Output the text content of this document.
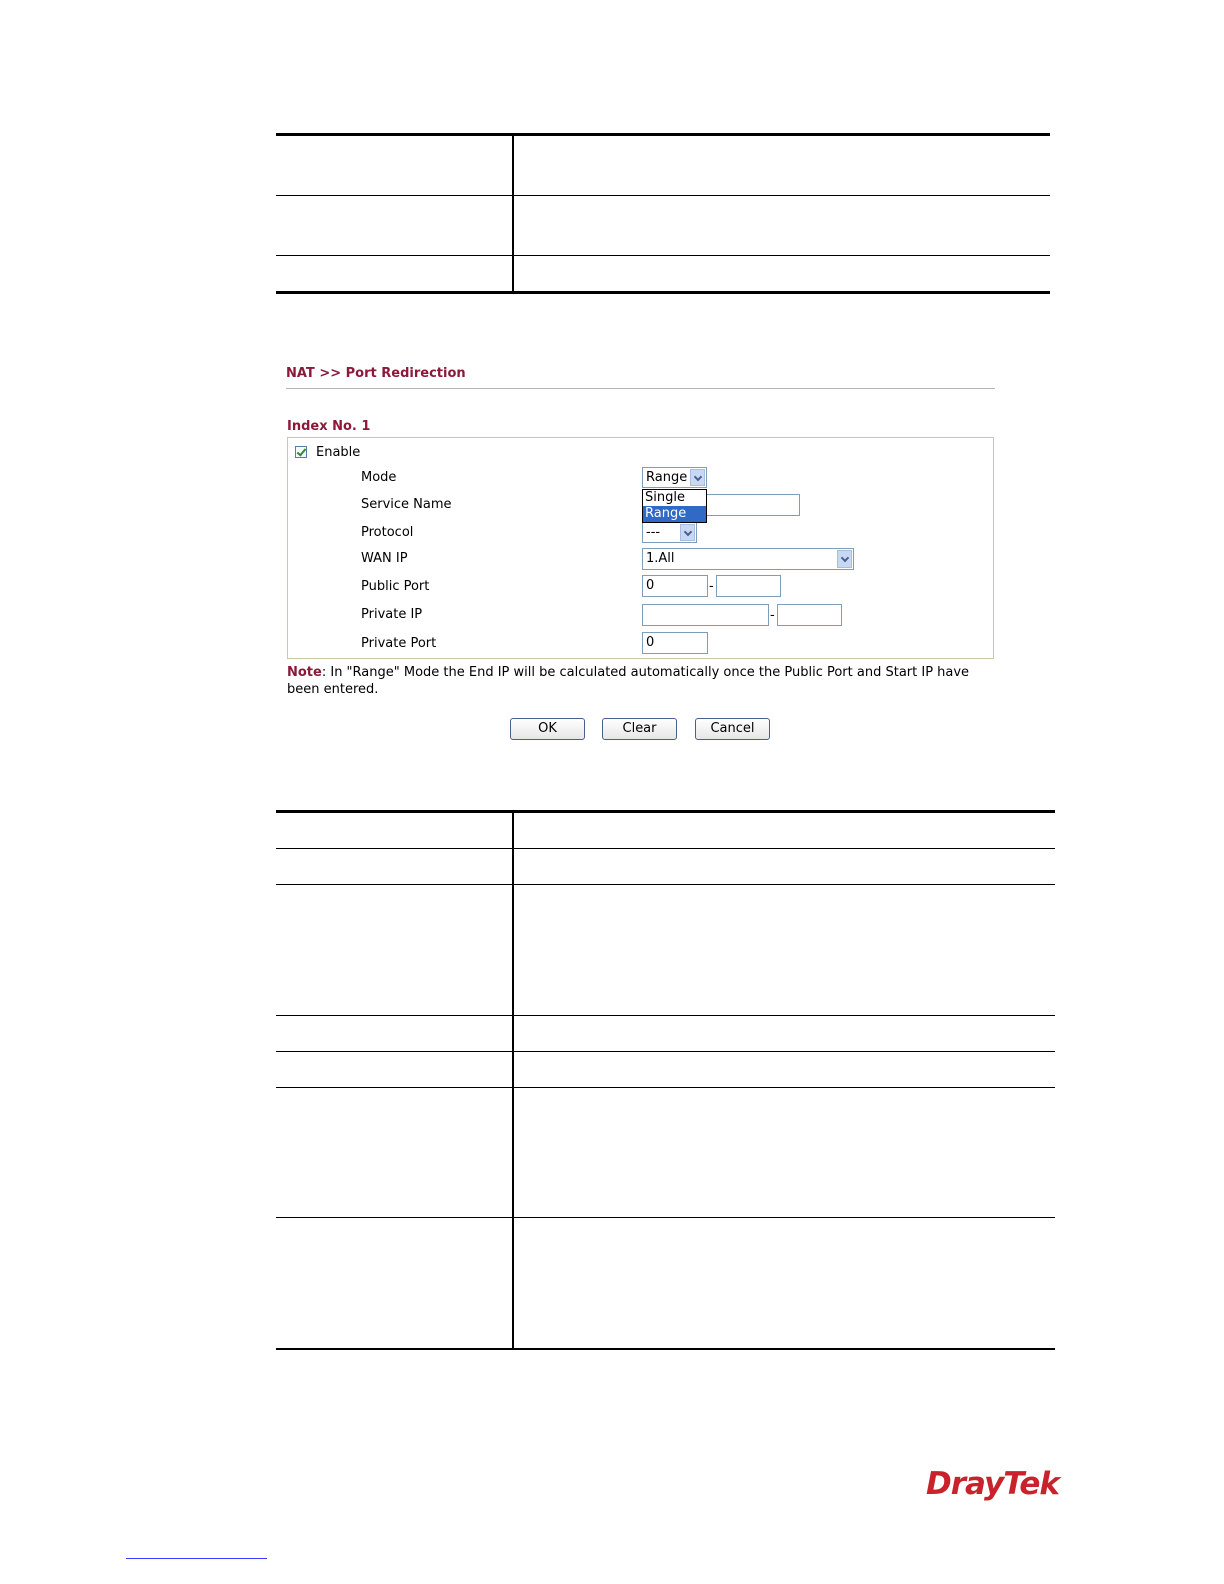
NAT >> Port Redirection
Index No. 1
Enable
Mode	Range
Service Name
Protocol	---
Single
Range
WAN IP	1.All
Public Port	0	-
Private IP	-
Private Port	0
Note: In "Range" Mode the End IP will be calculated automatically once the Public Port and Start IP have been entered.
OK	Clear	Cancel
DrayTek
